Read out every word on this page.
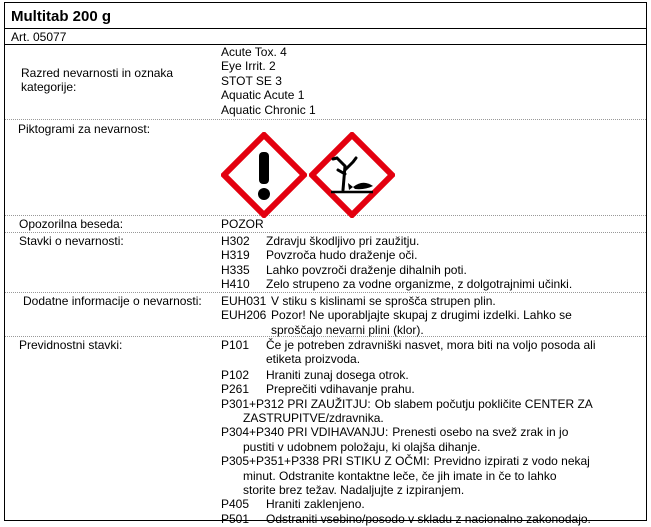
Multitab 200 g
Art. 05077
Razred nevarnosti in oznaka kategorije:
Acute Tox. 4
Eye Irrit. 2
STOT SE 3
Aquatic Acute 1
Aquatic Chronic 1
Piktogrami za nevarnost:
Opozorilna beseda:	POZOR
Stavki o nevarnosti:	H302	Zdravju škodljivo pri zaužitju.
H319	Povzroča hudo draženje oči.
H335	Lahko povzroči draženje dihalnih poti.
H410	Zelo strupeno za vodne organizme, z dolgotrajnimi učinki.
Dodatne informacije o nevarnosti: EUH031 V stiku s kislinami se sprošča strupen plin.
EUH206 Pozor! Ne uporabljajte skupaj z drugimi izdelki. Lahko se
sproščajo nevarni plini (klor).
Previdnostni stavki:	P101	Če je potreben zdravniški nasvet, mora biti na voljo posoda ali
etiketa proizvoda.
P102	Hraniti zunaj dosega otrok.
P261	Preprečiti vdihavanje prahu.
P301+P312 PRI ZAUŽITJU: Ob slabem počutju pokličite CENTER ZA
ZASTRUPITVE/zdravnika.
P304+P340 PRI VDIHAVANJU: Prenesti osebo na svež zrak in jo
pustiti v udobnem položaju, ki olajša dihanje.
P305+P351+P338 PRI STIKU Z OČMI: Previdno izpirati z vodo nekaj
minut. Odstranite kontaktne leče, če jih imate in če to lahko
storite brez težav. Nadaljujte z izpiranjem.
P405	Hraniti zaklenjeno.
P501	Odstraniti vsebino/posodo v skladu z nacionalno zakonodajo.
